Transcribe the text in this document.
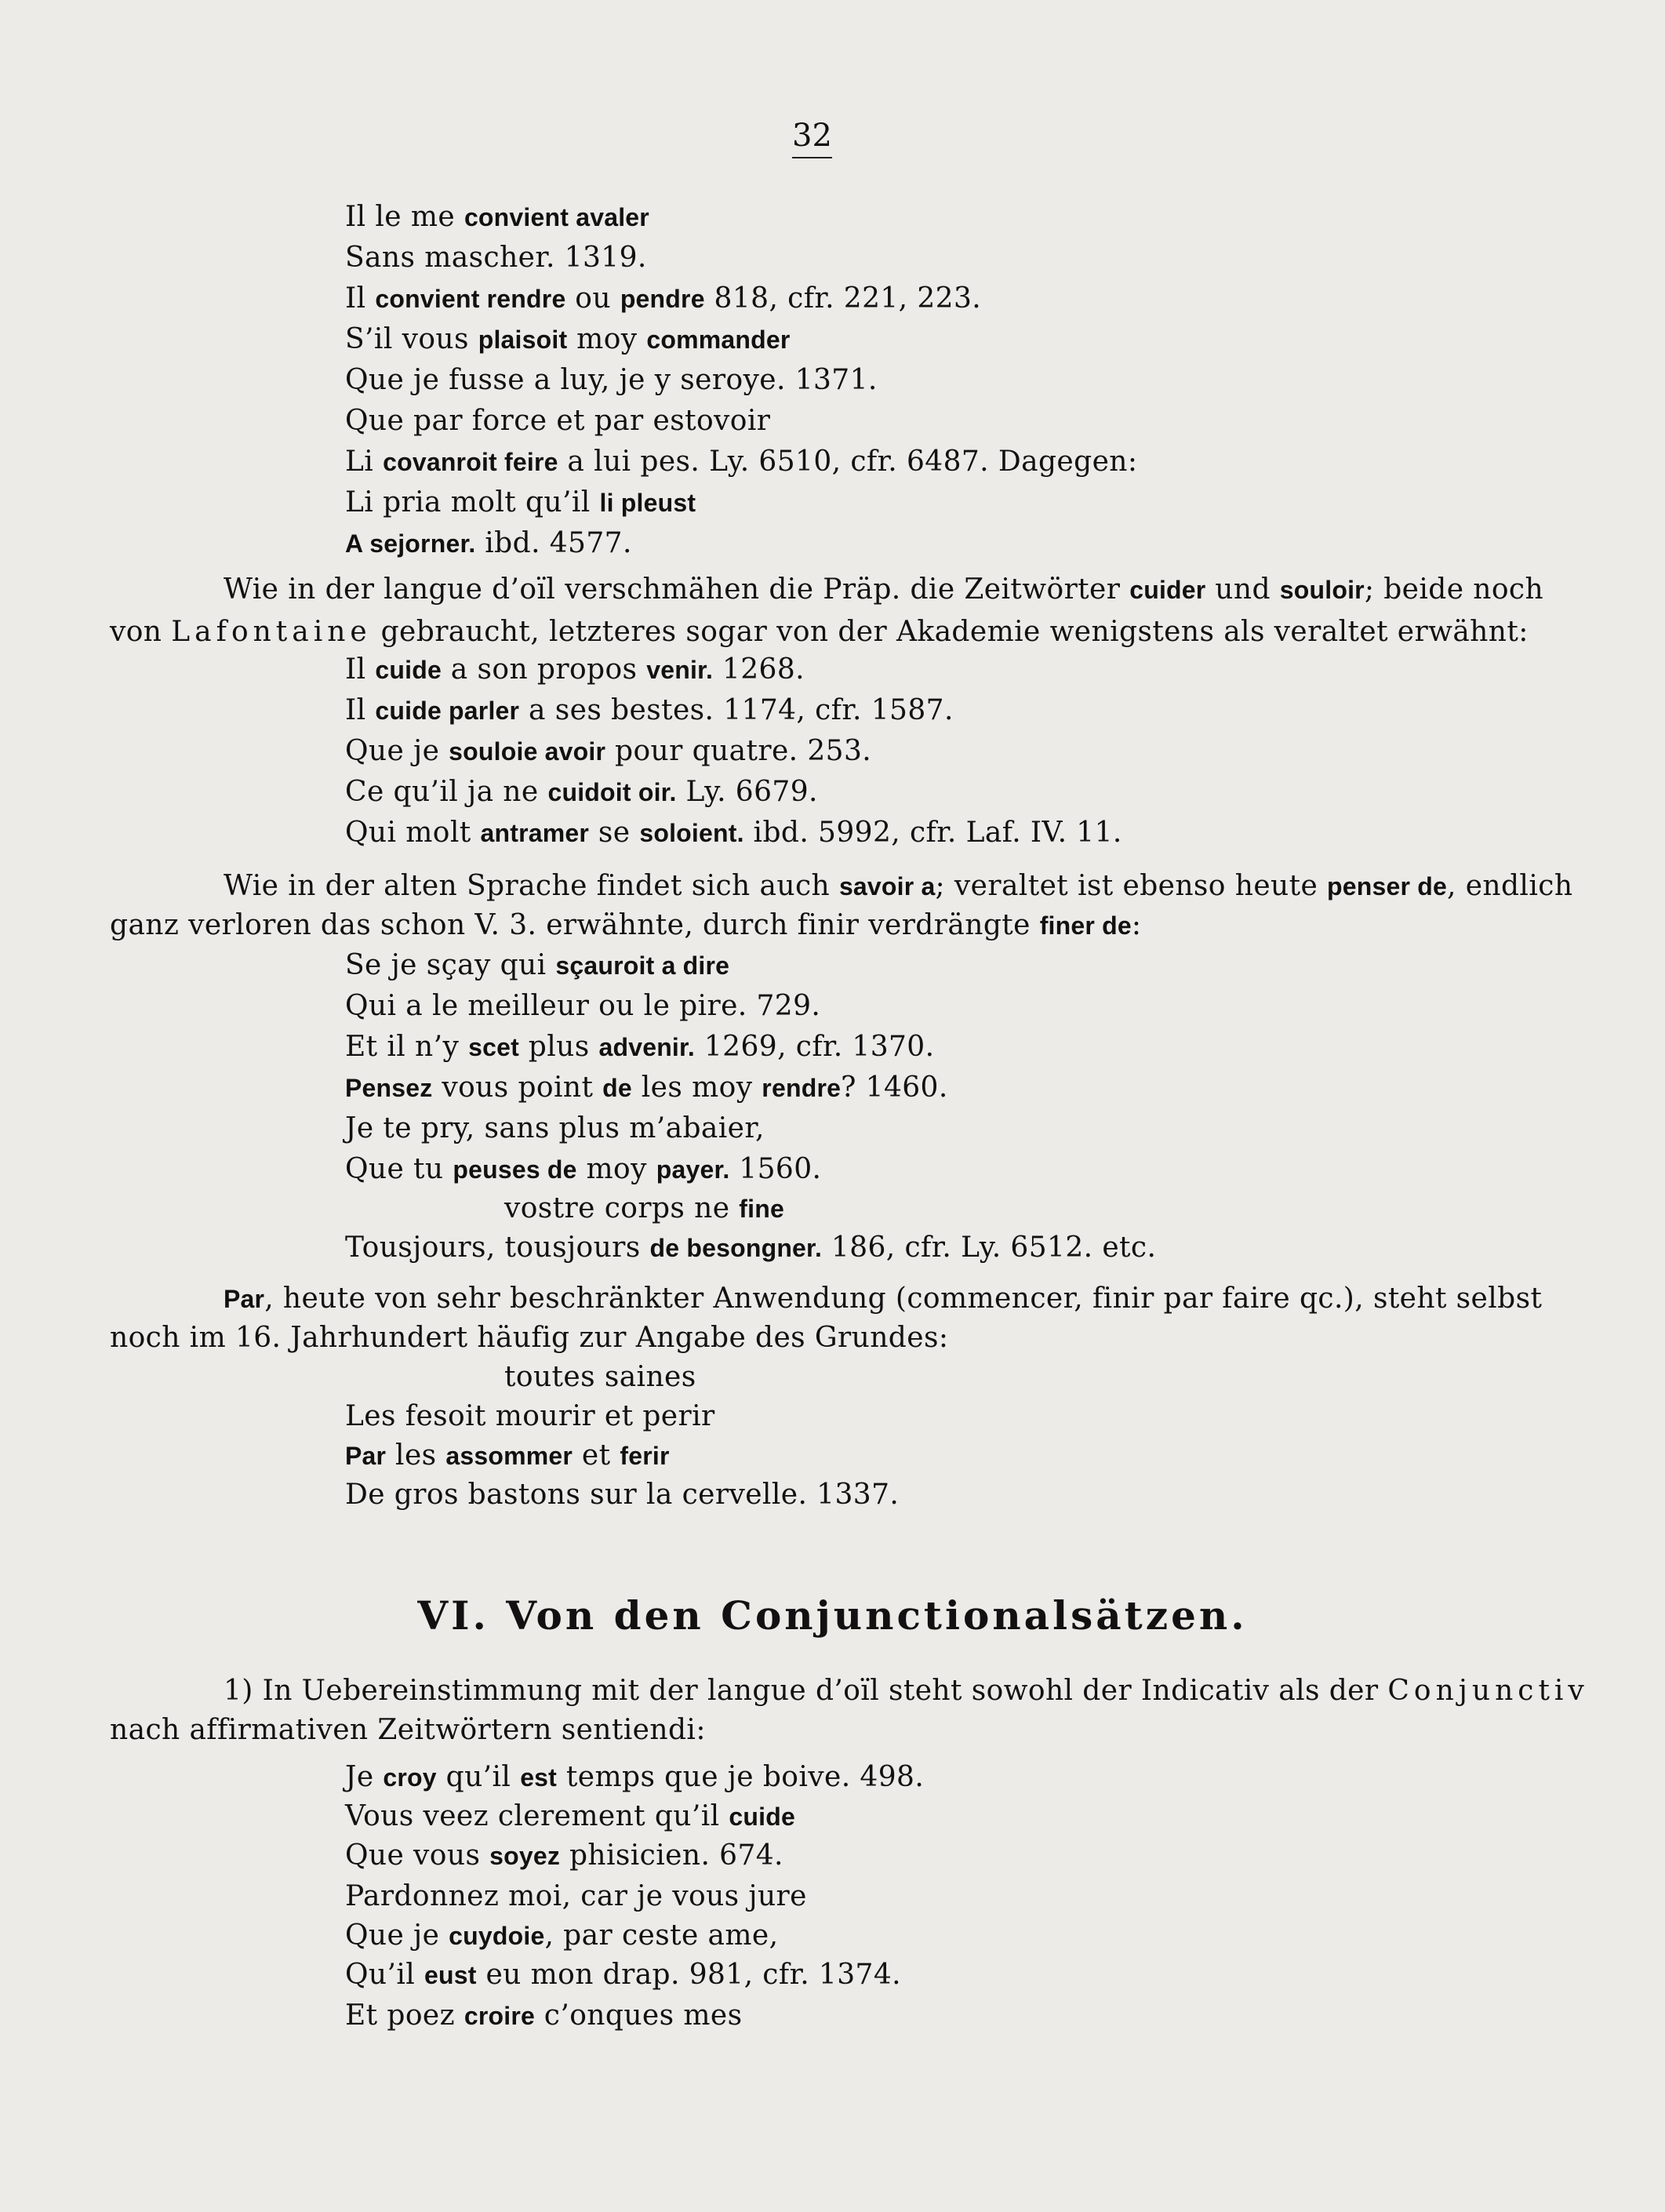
32
Il le me convient avaler
Sans mascher. 1319.
Il convient rendre ou pendre 818, cfr. 221, 223.
S’il vous plaisoit moy commander
Que je fusse a luy, je y seroye. 1371.
Que par force et par estovoir
Li covanroit feire a lui pes. Ly. 6510, cfr. 6487. Dagegen:
Li pria molt qu’il li pleust
A sejorner. ibd. 4577.
Wie in der langue d’oïl verschmähen die Präp. die Zeitwörter cuider und souloir; beide noch
von Lafontaine gebraucht, letzteres sogar von der Akademie wenigstens als veraltet erwähnt:
Il cuide a son propos venir. 1268.
Il cuide parler a ses bestes. 1174, cfr. 1587.
Que je souloie avoir pour quatre. 253.
Ce qu’il ja ne cuidoit oir. Ly. 6679.
Qui molt antramer se soloient. ibd. 5992, cfr. Laf. IV. 11.
Wie in der alten Sprache findet sich auch savoir a; veraltet ist ebenso heute penser de, endlich
ganz verloren das schon V. 3. erwähnte, durch finir verdrängte finer de:
Se je sçay qui sçauroit a dire
Qui a le meilleur ou le pire. 729.
Et il n’y scet plus advenir. 1269, cfr. 1370.
Pensez vous point de les moy rendre? 1460.
Je te pry, sans plus m’abaier,
Que tu peuses de moy payer. 1560.
vostre corps ne fine
Tousjours, tousjours de besongner. 186, cfr. Ly. 6512. etc.
Par, heute von sehr beschränkter Anwendung (commencer, finir par faire qc.), steht selbst
noch im 16. Jahrhundert häufig zur Angabe des Grundes:
toutes saines
Les fesoit mourir et perir
Par les assommer et ferir
De gros bastons sur la cervelle. 1337.
VI. Von den Conjunctionalsätzen.
1) In Uebereinstimmung mit der langue d’oïl steht sowohl der Indicativ als der Conjunctiv
nach affirmativen Zeitwörtern sentiendi:
Je croy qu’il est temps que je boive. 498.
Vous veez clerement qu’il cuide
Que vous soyez phisicien. 674.
Pardonnez moi, car je vous jure
Que je cuydoie, par ceste ame,
Qu’il eust eu mon drap. 981, cfr. 1374.
Et poez croire c’onques mes
